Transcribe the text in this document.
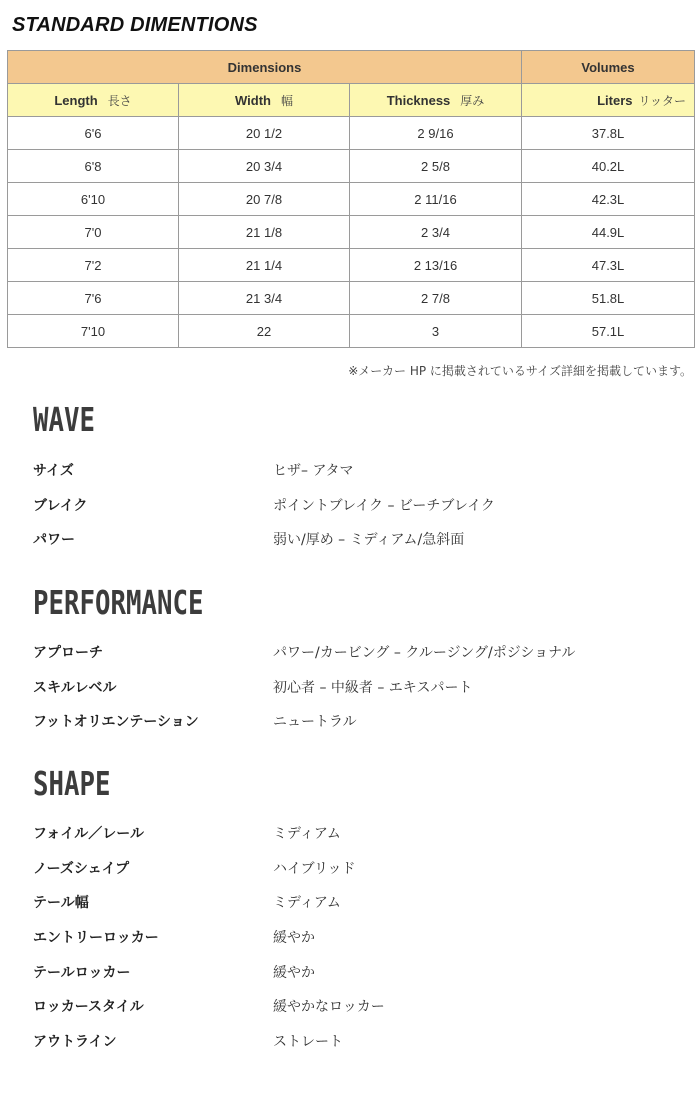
STANDARD DIMENTIONS
Dimensions			Volumes
Length 長さ	Width 幅	Thickness 厚み	Liters リッター
6'6	20 1/2	2 9/16	37.8L
6'8	20 3/4	2 5/8	40.2L
6'10	20 7/8	2 11/16	42.3L
7'0	21 1/8	2 3/4	44.9L
7'2	21 1/4	2 13/16	47.3L
7'6	21 3/4	2 7/8	51.8L
7'10	22	3	57.1L
※メーカー HP に掲載されているサイズ詳細を掲載しています。
WAVE
サイズ	ヒザ– アタマ
ブレイク	ポイントブレイク – ビーチブレイク
パワー	弱い/厚め – ミディアム/急斜面
PERFORMANCE
アプローチ	パワー/カービング – クルージング/ポジショナル
スキルレベル	初心者 – 中級者 – エキスパート
フットオリエンテーション	ニュートラル
SHAPE
フォイル／レール	ミディアム
ノーズシェイプ	ハイブリッド
テール幅	ミディアム
エントリーロッカー	緩やか
テールロッカー	緩やか
ロッカースタイル	緩やかなロッカー
アウトライン	ストレート
